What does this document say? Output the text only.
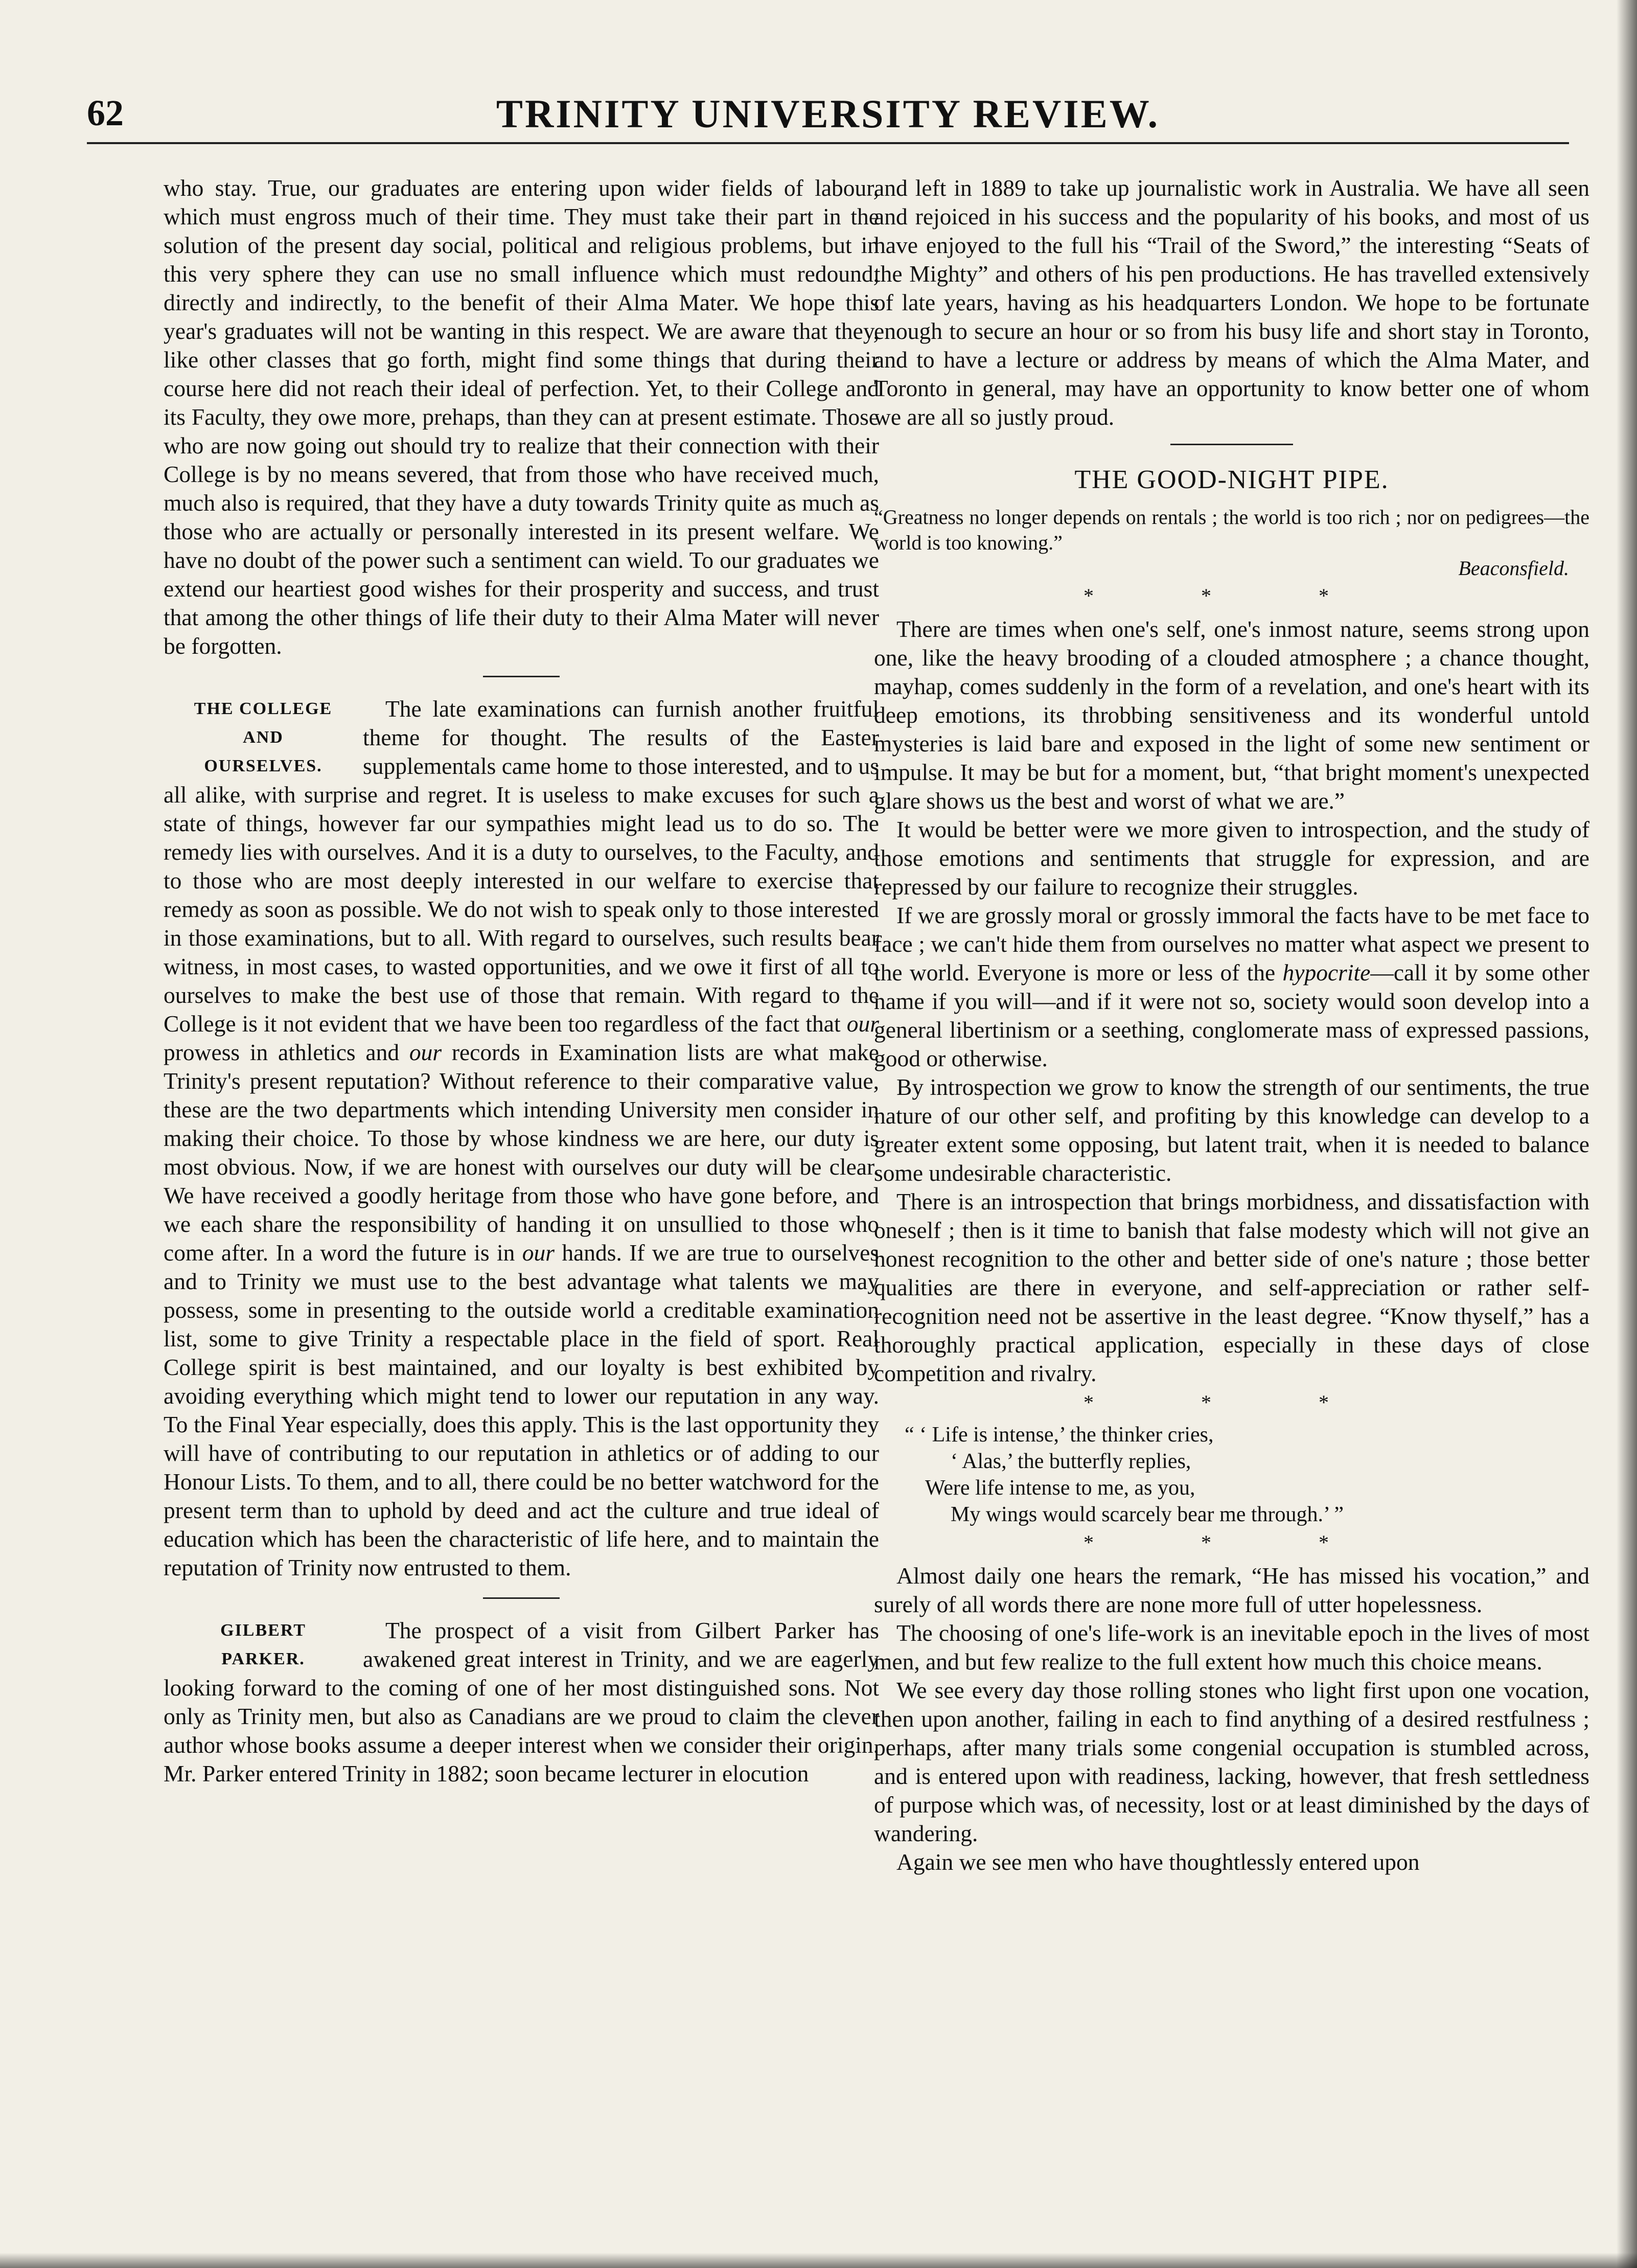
62	TRINITY UNIVERSITY REVIEW.

who stay. True, our graduates are entering upon wider fields of labour, which must engross much of their time. They must take their part in the solution of the present day social, political and religious problems, but in this very sphere they can use no small influence which must redound, directly and indirectly, to the benefit of their Alma Mater. We hope this year's graduates will not be wanting in this respect. We are aware that they, like other classes that go forth, might find some things that during their course here did not reach their ideal of perfection. Yet, to their College and its Faculty, they owe more, prehaps, than they can at present estimate. Those who are now going out should try to realize that their connection with their College is by no means severed, that from those who have received much, much also is required, that they have a duty towards Trinity quite as much as those who are actually or personally interested in its present welfare. We have no doubt of the power such a sentiment can wield. To our graduates we extend our heartiest good wishes for their prosperity and success, and trust that among the other things of life their duty to their Alma Mater will never be forgotten.

THE COLLEGE
AND
OURSELVES.

The late examinations can furnish another fruitful theme for thought. The results of the Easter supplementals came home to those interested, and to us all alike, with surprise and regret. It is useless to make excuses for such a state of things, however far our sympathies might lead us to do so. The remedy lies with ourselves. And it is a duty to ourselves, to the Faculty, and to those who are most deeply interested in our welfare to exercise that remedy as soon as possible. We do not wish to speak only to those interested in those examinations, but to all. With regard to ourselves, such results bear witness, in most cases, to wasted opportunities, and we owe it first of all to ourselves to make the best use of those that remain. With regard to the College is it not evident that we have been too regardless of the fact that our prowess in athletics and our records in Examination lists are what make Trinity's present reputation? Without reference to their comparative value, these are the two departments which intending University men consider in making their choice. To those by whose kindness we are here, our duty is most obvious. Now, if we are honest with ourselves our duty will be clear. We have received a goodly heritage from those who have gone before, and we each share the responsibility of handing it on unsullied to those who come after. In a word the future is in our hands. If we are true to ourselves and to Trinity we must use to the best advantage what talents we may possess, some in presenting to the outside world a creditable examination list, some to give Trinity a respectable place in the field of sport. Real College spirit is best maintained, and our loyalty is best exhibited by avoiding everything which might tend to lower our reputation in any way. To the Final Year especially, does this apply. This is the last opportunity they will have of contributing to our reputation in athletics or of adding to our Honour Lists. To them, and to all, there could be no better watchword for the present term than to uphold by deed and act the culture and true ideal of education which has been the characteristic of life here, and to maintain the reputation of Trinity now entrusted to them.

GILBERT
PARKER.

The prospect of a visit from Gilbert Parker has awakened great interest in Trinity, and we are eagerly looking forward to the coming of one of her most distinguished sons. Not only as Trinity men, but also as Canadians are we proud to claim the clever author whose books assume a deeper interest when we consider their origin. Mr. Parker entered Trinity in 1882; soon became lecturer in elocution

and left in 1889 to take up journalistic work in Australia. We have all seen and rejoiced in his success and the popularity of his books, and most of us have enjoyed to the full his “Trail of the Sword,” the interesting “Seats of the Mighty” and others of his pen productions. He has travelled extensively of late years, having as his headquarters London. We hope to be fortunate enough to secure an hour or so from his busy life and short stay in Toronto, and to have a lecture or address by means of which the Alma Mater, and Toronto in general, may have an opportunity to know better one of whom we are all so justly proud.

THE GOOD-NIGHT PIPE.

“Greatness no longer depends on rentals ; the world is too rich ; nor on pedigrees—the world is too knowing.”

Beaconsfield.
* * *

There are times when one's self, one's inmost nature, seems strong upon one, like the heavy brooding of a clouded atmosphere ; a chance thought, mayhap, comes suddenly in the form of a revelation, and one's heart with its deep emotions, its throbbing sensitiveness and its wonderful untold mysteries is laid bare and exposed in the light of some new sentiment or impulse. It may be but for a moment, but, “that bright moment's unexpected glare shows us the best and worst of what we are.”

It would be better were we more given to introspection, and the study of those emotions and sentiments that struggle for expression, and are repressed by our failure to recognize their struggles.

If we are grossly moral or grossly immoral the facts have to be met face to face ; we can't hide them from ourselves no matter what aspect we present to the world. Everyone is more or less of the hypocrite—call it by some other name if you will—and if it were not so, society would soon develop into a general libertinism or a seething, conglomerate mass of expressed passions, good or otherwise.

By introspection we grow to know the strength of our sentiments, the true nature of our other self, and profiting by this knowledge can develop to a greater extent some opposing, but latent trait, when it is needed to balance some undesirable characteristic.

There is an introspection that brings morbidness, and dissatisfaction with oneself ; then is it time to banish that false modesty which will not give an honest recognition to the other and better side of one's nature ; those better qualities are there in everyone, and self-appreciation or rather self-recognition need not be assertive in the least degree. “Know thyself,” has a thoroughly practical application, especially in these days of close competition and rivalry.

* * *
“ ‘ Life is intense,’ the thinker cries,
‘ Alas,’ the butterfly replies,
Were life intense to me, as you,
My wings would scarcely bear me through.’ ”
* * *

Almost daily one hears the remark, “He has missed his vocation,” and surely of all words there are none more full of utter hopelessness.

The choosing of one's life-work is an inevitable epoch in the lives of most men, and but few realize to the full extent how much this choice means.

We see every day those rolling stones who light first upon one vocation, then upon another, failing in each to find anything of a desired restfulness ; perhaps, after many trials some congenial occupation is stumbled across, and is entered upon with readiness, lacking, however, that fresh settledness of purpose which was, of necessity, lost or at least diminished by the days of wandering.

Again we see men who have thoughtlessly entered upon
